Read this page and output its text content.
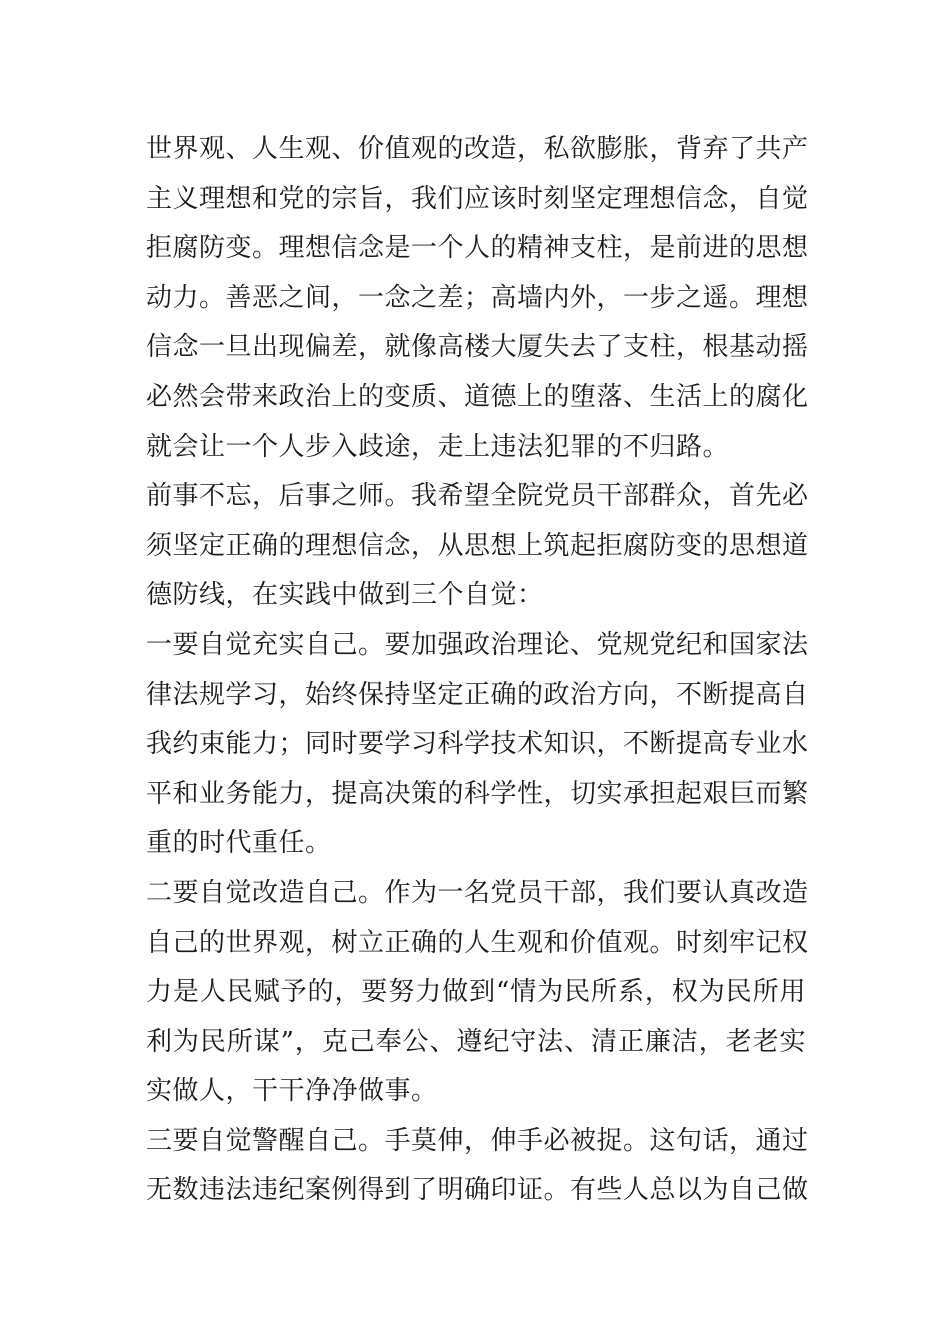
世界观、人生观、价值观的改造，私欲膨胀，背弃了共产
主义理想和党的宗旨，我们应该时刻坚定理想信念，自觉
拒腐防变。理想信念是一个人的精神支柱，是前进的思想
动力。善恶之间，一念之差；高墙内外，一步之遥。理想
信念一旦出现偏差，就像高楼大厦失去了支柱，根基动摇
必然会带来政治上的变质、道德上的堕落、生活上的腐化
就会让一个人步入歧途，走上违法犯罪的不归路。
前事不忘，后事之师。我希望全院党员干部群众，首先必
须坚定正确的理想信念，从思想上筑起拒腐防变的思想道
德防线，在实践中做到三个自觉：
一要自觉充实自己。要加强政治理论、党规党纪和国家法
律法规学习，始终保持坚定正确的政治方向，不断提高自
我约束能力；同时要学习科学技术知识，不断提高专业水
平和业务能力，提高决策的科学性，切实承担起艰巨而繁
重的时代重任。
二要自觉改造自己。作为一名党员干部，我们要认真改造
自己的世界观，树立正确的人生观和价值观。时刻牢记权
力是人民赋予的，要努力做到“情为民所系，权为民所用
利为民所谋”，克己奉公、遵纪守法、清正廉洁，老老实
实做人，干干净净做事。
三要自觉警醒自己。手莫伸，伸手必被捉。这句话，通过
无数违法违纪案例得到了明确印证。有些人总以为自己做
